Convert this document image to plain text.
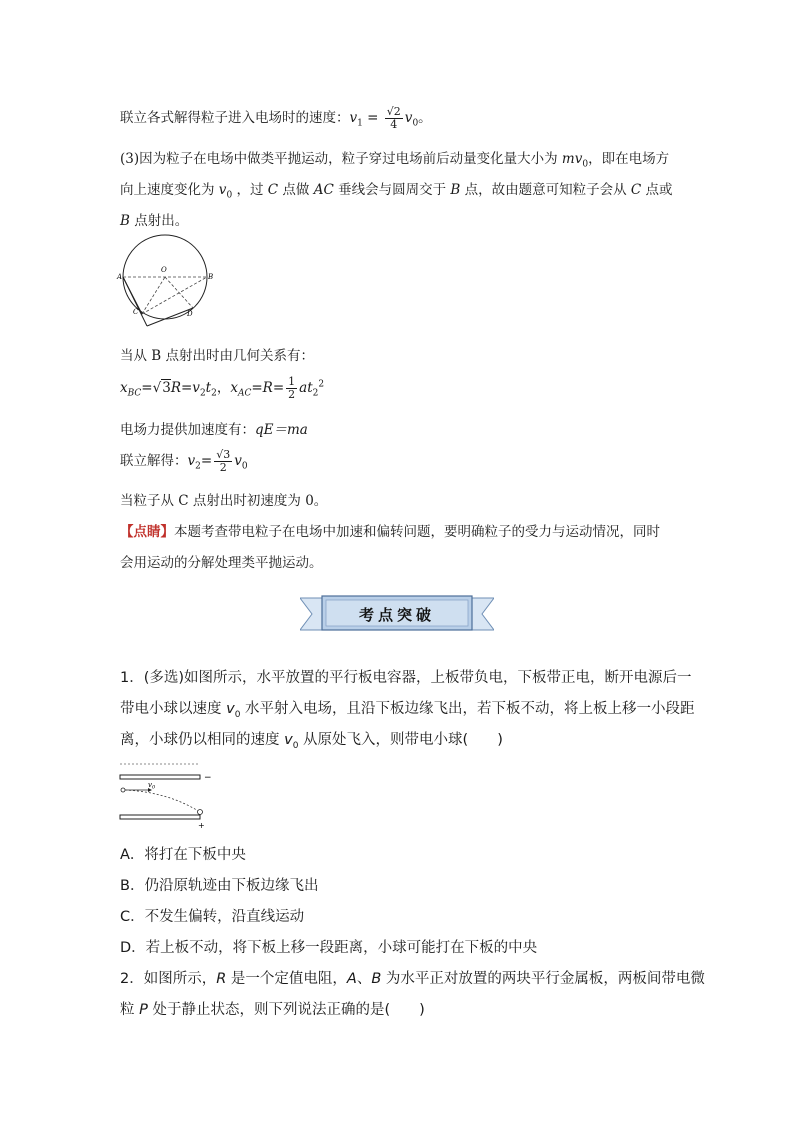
联立各式解得粒子进入电场时的速度：$v_1 = \frac{√2}{4} v_0$。
(3)因为粒子在电场中做类平抛运动，粒子穿过电场前后动量变化量大小为 $mv_0$，即在电场方
向上速度变化为 $v_0$ ，过 C 点做 AC 垂线会与圆周交于 B 点，故由题意可知粒子会从 C 点或
B 点射出。
A
O
B
C	D
当从 B 点射出时由几何关系有：
$x_{BC}=√3R=v_2t_2$，$x_{AC}=R= \frac{1}{2} at_2^2$
电场力提供加速度有：qE＝ma
联立解得：$v_2= \frac{√3}{2} v_0$
当粒子从 C 点射出时初速度为 0。
【点睛】本题考查带电粒子在电场中加速和偏转问题，要明确粒子的受力与运动情况，同时
会用运动的分解处理类平抛运动。
考点突破
1．(多选)如图所示，水平放置的平行板电容器，上板带负电，下板带正电，断开电源后一
带电小球以速度 $v_0$ 水平射入电场，且沿下板边缘飞出，若下板不动，将上板上移一小段距
离，小球仍以相同的速度 $v_0$ 从原处飞入，则带电小球(　　)
−
$v_0$
+
A．将打在下板中央
B．仍沿原轨迹由下板边缘飞出
C．不发生偏转，沿直线运动
D．若上板不动，将下板上移一段距离，小球可能打在下板的中央
2．如图所示，R 是一个定值电阻，A、B 为水平正对放置的两块平行金属板，两板间带电微
粒 P 处于静止状态，则下列说法正确的是(　　)
